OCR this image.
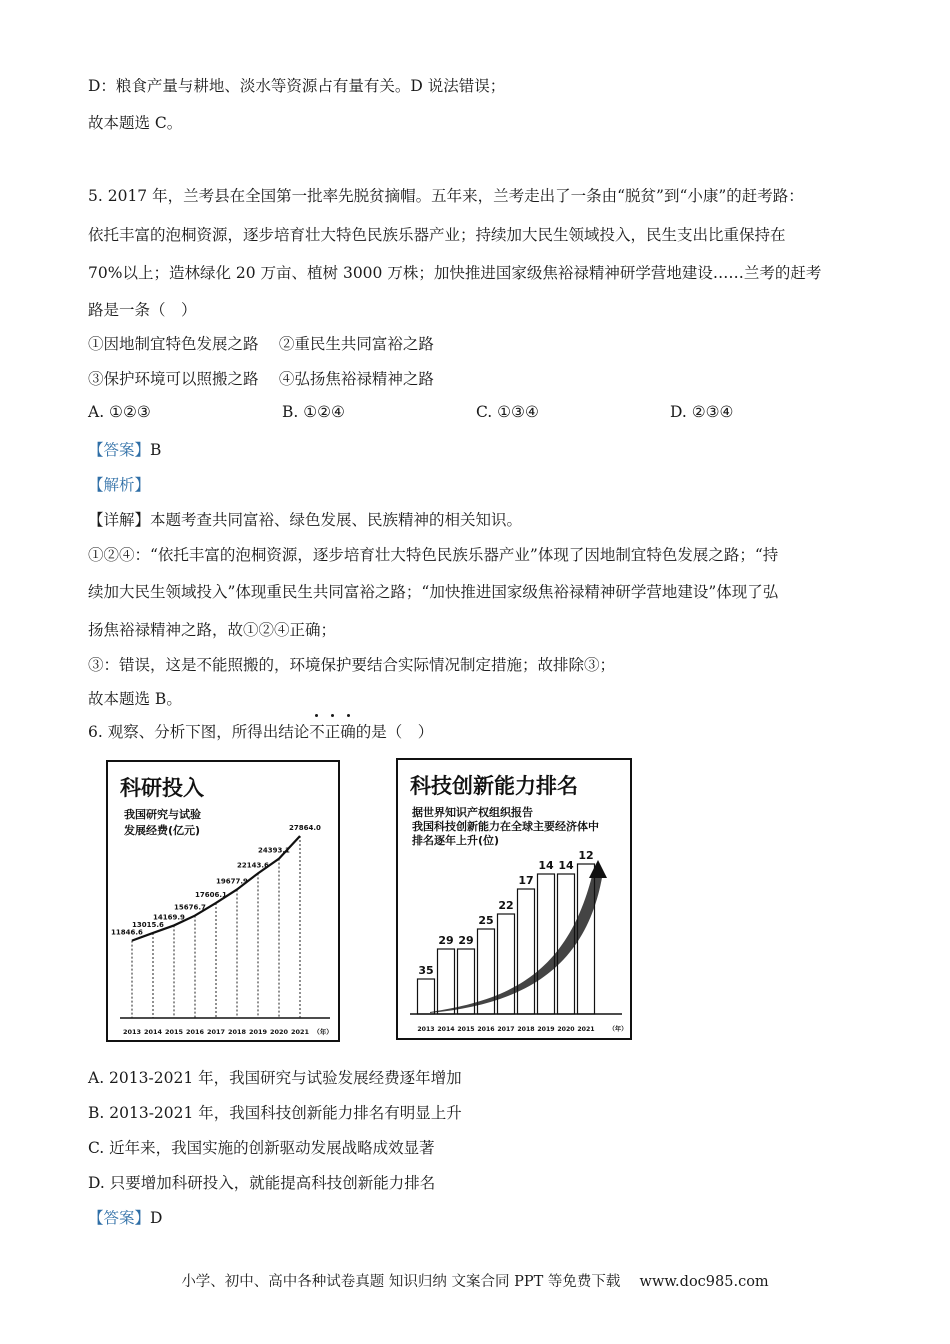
D：粮食产量与耕地、淡水等资源占有量有关。D 说法错误；
故本题选 C。
5. 2017 年，兰考县在全国第一批率先脱贫摘帽。五年来，兰考走出了一条由“脱贫”到“小康”的赶考路：
依托丰富的泡桐资源，逐步培育壮大特色民族乐器产业；持续加大民生领域投入，民生支出比重保持在
70%以上；造林绿化 20 万亩、植树 3000 万株；加快推进国家级焦裕禄精神研学营地建设……兰考的赶考
路是一条（　）
①因地制宜特色发展之路　 ②重民生共同富裕之路
③保护环境可以照搬之路　 ④弘扬焦裕禄精神之路
A. ①②③	B. ①②④	C. ①③④	D. ②③④
【答案】B
【解析】
【详解】本题考查共同富裕、绿色发展、民族精神的相关知识。
①②④：“依托丰富的泡桐资源，逐步培育壮大特色民族乐器产业”体现了因地制宜特色发展之路；“持
续加大民生领域投入”体现重民生共同富裕之路；“加快推进国家级焦裕禄精神研学营地建设”体现了弘
扬焦裕禄精神之路，故①②④正确；
③：错误，这是不能照搬的，环境保护要结合实际情况制定措施；故排除③；
故本题选 B。
6. 观察、分析下图，所得出结论
不
正
确的是（　）
科研投入
我国研究与试验
发展经费(亿元)
2013
11846.6
2014
13015.6
2015
14169.9
2016
15676.7
2017
17606.1
2018
19677.9
2019
22143.6
2020
24393.1
2021
27864.0
（年）
科技创新能力排名
据世界知识产权组织报告
我国科技创新能力在全球主要经济体中
排名逐年上升(位)
35
2013
29
2014
29
2015
25
2016
22
2017
17
2018
14
2019
14
2020
12
2021 （年）
A. 2013-2021 年，我国研究与试验发展经费逐年增加
B. 2013-2021 年，我国科技创新能力排名有明显上升
C. 近年来，我国实施的创新驱动发展战略成效显著
D. 只要增加科研投入，就能提高科技创新能力排名
【答案】D
小学、初中、高中各种试卷真题 知识归纳 文案合同 PPT 等免费下载　 www.doc985.com
